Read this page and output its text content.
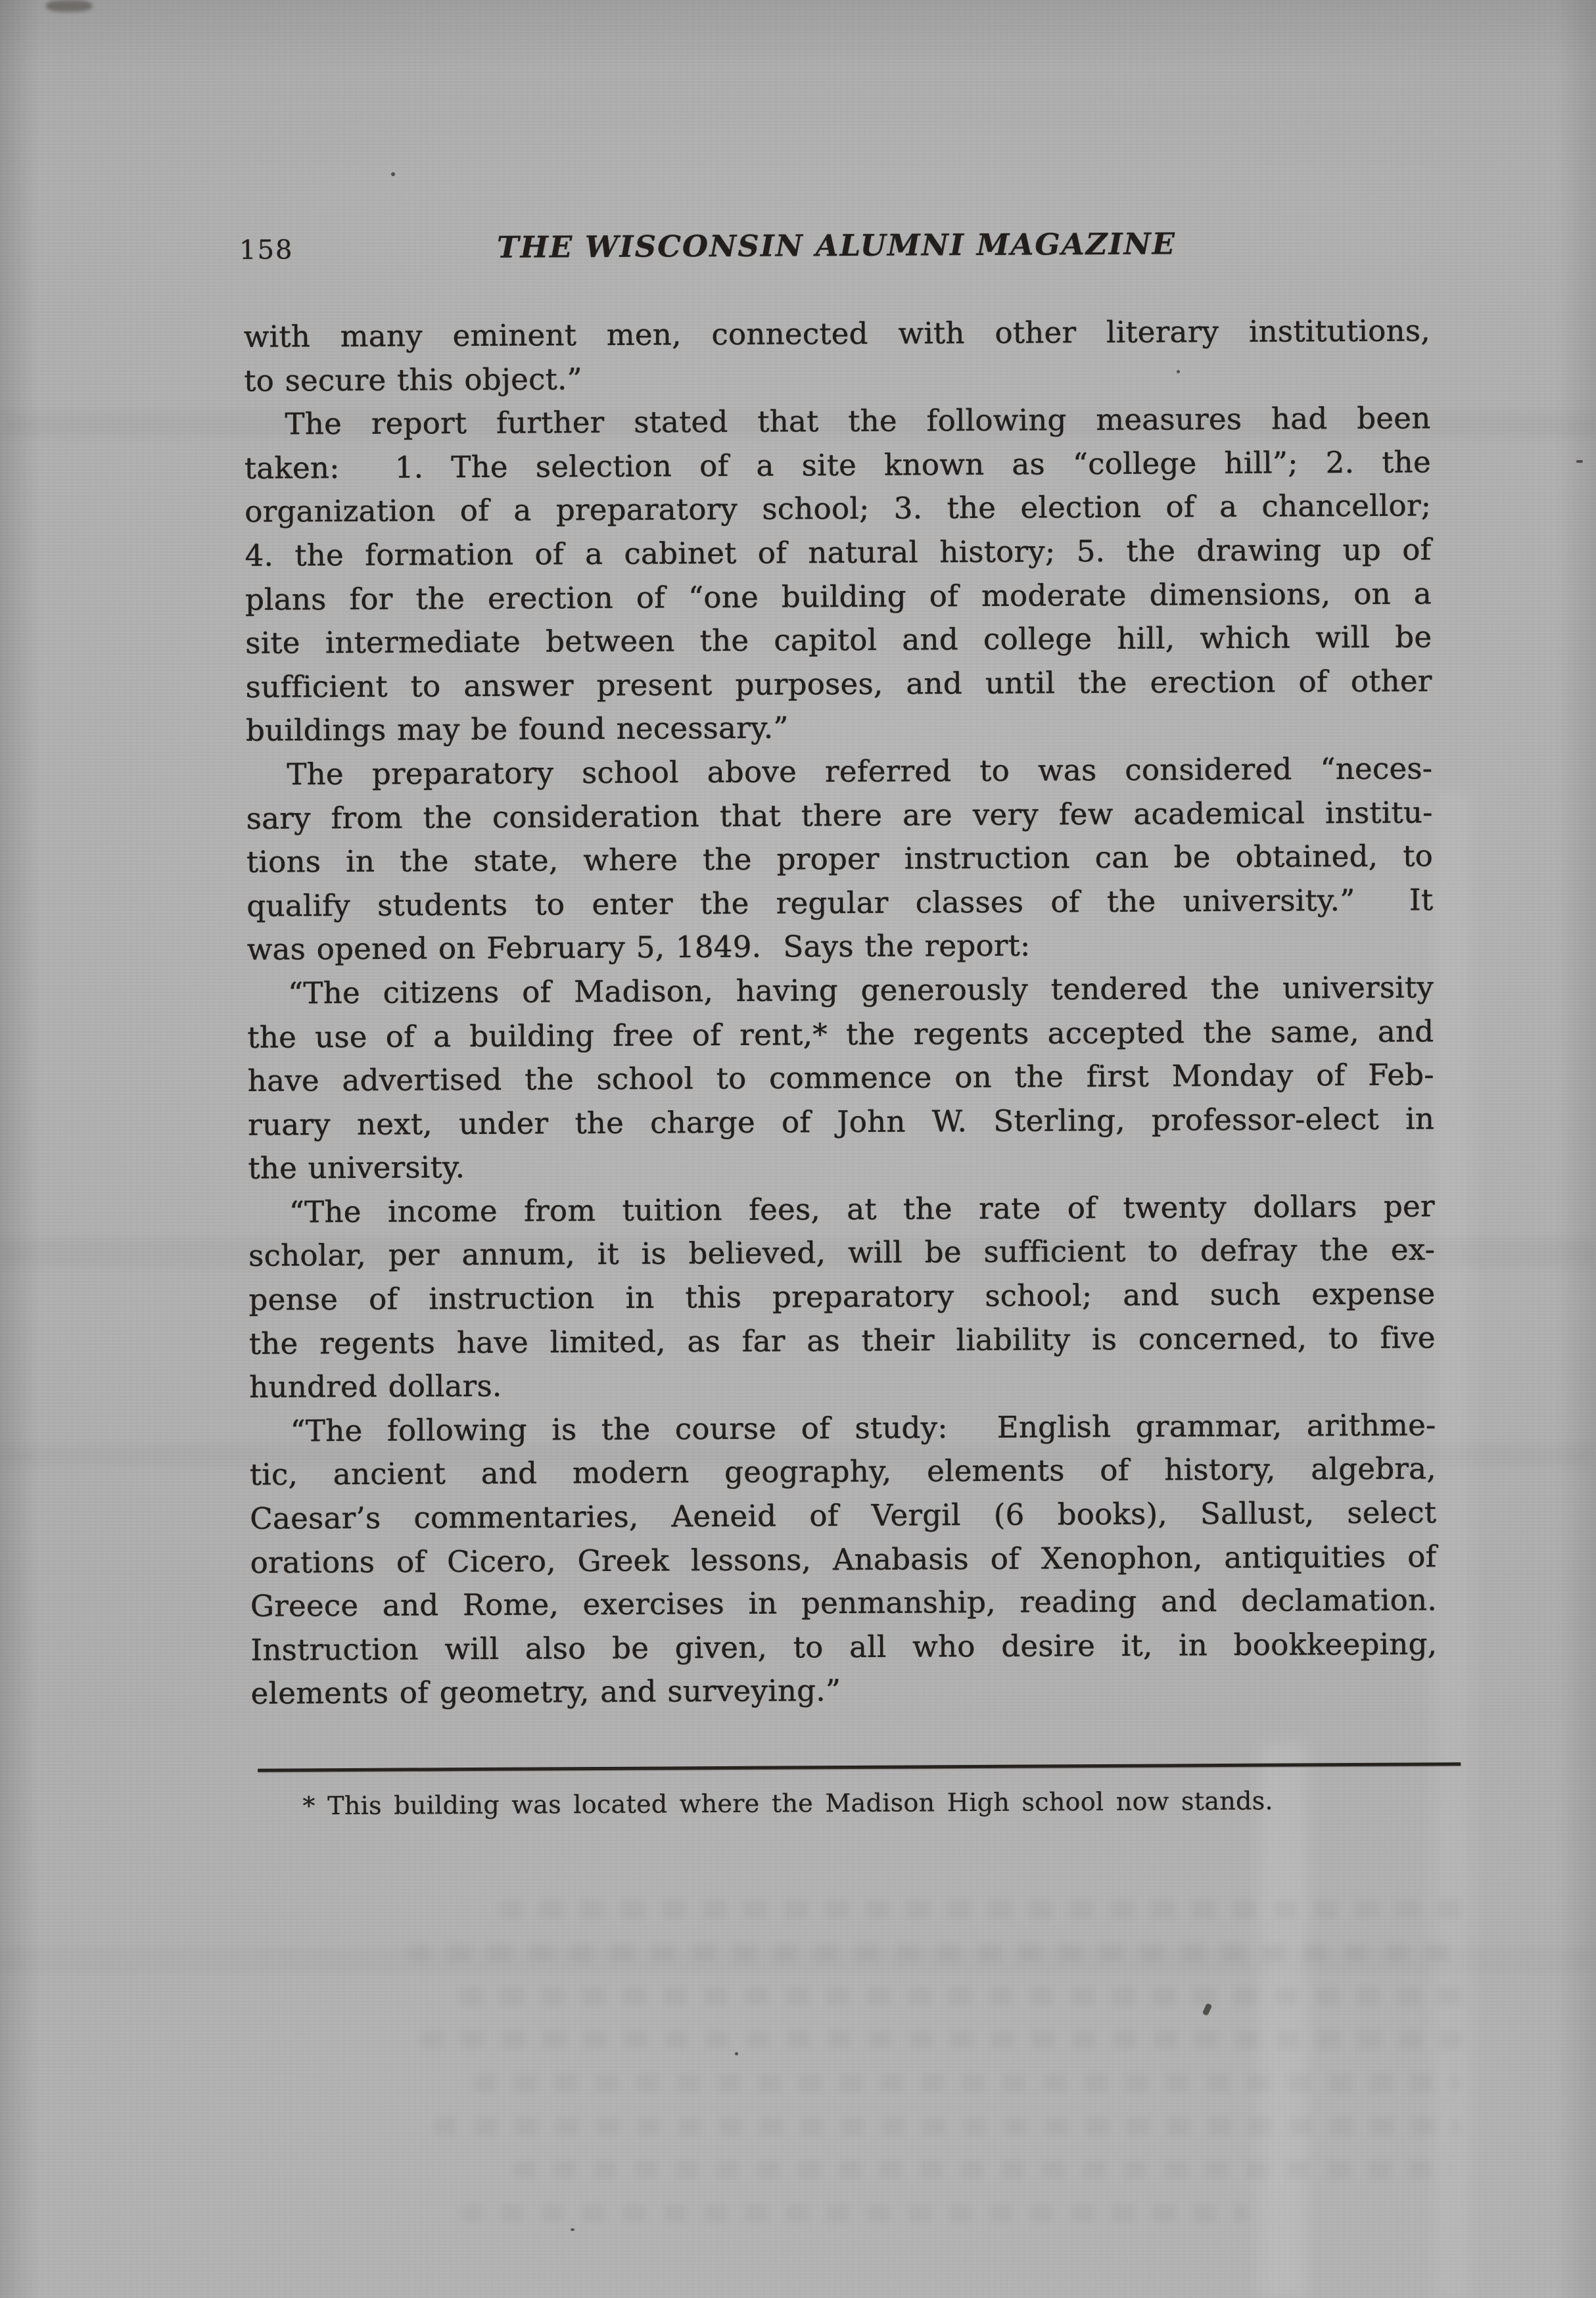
158	THE WISCONSIN ALUMNI MAGAZINE
with many eminent men, connected with other literary institutions,
to secure this object.”
The report further stated that the following measures had been
taken:  1. The selection of a site known as “college hill”; 2. the
organization of a preparatory school; 3. the election of a chancellor;
4. the formation of a cabinet of natural history; 5. the drawing up of
plans for the erection of “one building of moderate dimensions, on a
site intermediate between the capitol and college hill, which will be
sufficient to answer present purposes, and until the erection of other
buildings may be found necessary.”
The preparatory school above referred to was considered “neces-
sary from the consideration that there are very few academical institu-
tions in the state, where the proper instruction can be obtained, to
qualify students to enter the regular classes of the university.”  It
was opened on February 5, 1849.  Says the report:
“The citizens of Madison, having generously tendered the university
the use of a building free of rent,* the regents accepted the same, and
have advertised the school to commence on the first Monday of Feb-
ruary next, under the charge of John W. Sterling, professor-elect in
the university.
“The income from tuition fees, at the rate of twenty dollars per
scholar, per annum, it is believed, will be sufficient to defray the ex-
pense of instruction in this preparatory school; and such expense
the regents have limited, as far as their liability is concerned, to five
hundred dollars.
“The following is the course of study:  English grammar, arithme-
tic, ancient and modern geography, elements of history, algebra,
Caesar’s commentaries, Aeneid of Vergil (6 books), Sallust, select
orations of Cicero, Greek lessons, Anabasis of Xenophon, antiquities of
Greece and Rome, exercises in penmanship, reading and declamation.
Instruction will also be given, to all who desire it, in bookkeeping,
elements of geometry, and surveying.”
* This building was located where the Madison High school now stands.
